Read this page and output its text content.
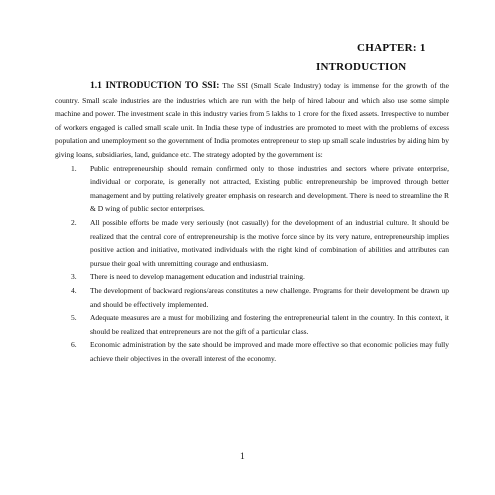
CHAPTER: 1
INTRODUCTION

1.1 INTRODUCTION TO SSI: The SSI (Small Scale Industry) today is immense for the growth of the country. Small scale industries are the industries which are run with the help of hired labour and which also use some simple machine and power. The investment scale in this industry varies from 5 lakhs to 1 crore for the fixed assets. Irrespective to number of workers engaged is called small scale unit. In India these type of industries are promoted to meet with the problems of excess population and unemployment so the government of India promotes entrepreneur to step up small scale industries by aiding him by giving loans, subsidiaries, land, guidance etc. The strategy adopted by the government is:

1. Public entrepreneurship should remain confirmed only to those industries and sectors where private enterprise, individual or corporate, is generally not attracted, Existing public entrepreneurship be improved through better management and by putting relatively greater emphasis on research and development. There is need to streamline the R & D wing of public sector enterprises.
2. All possible efforts be made very seriously (not casually) for the development of an industrial culture. It should be realized that the central core of entrepreneurship is the motive force since by its very nature, entrepreneurship implies positive action and initiative, motivated individuals with the right kind of combination of abilities and attributes can pursue their goal with unremitting courage and enthusiasm.
3. There is need to develop management education and industrial training.
4. The development of backward regions/areas constitutes a new challenge. Programs for their development be drawn up and should be effectively implemented.
5. Adequate measures are a must for mobilizing and fostering the entrepreneurial talent in the country. In this context, it should be realized that entrepreneurs are not the gift of a particular class.
6. Economic administration by the sate should be improved and made more effective so that economic policies may fully achieve their objectives in the overall interest of the economy.
1
